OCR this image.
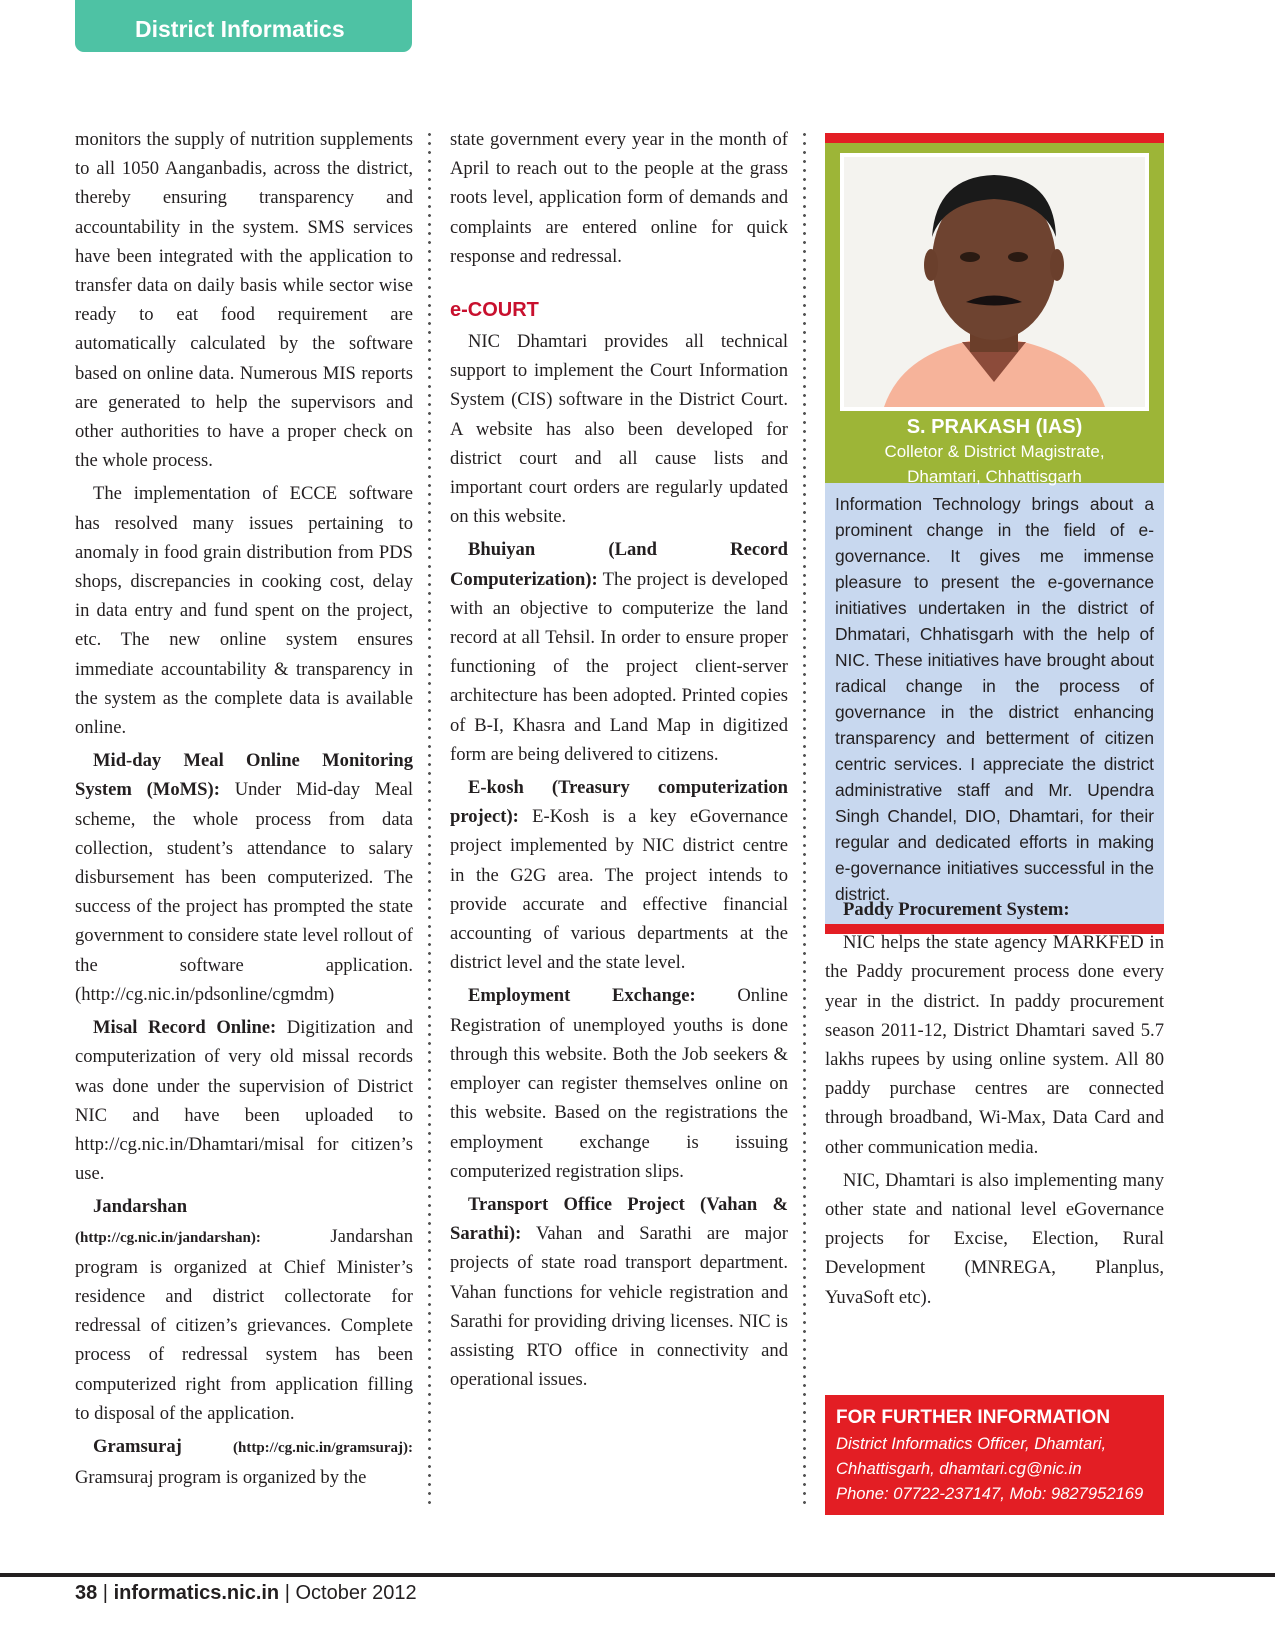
District Informatics

monitors the supply of nutrition supplements to all 1050 Aanganbadis, across the district, thereby ensuring transparency and accountability in the system. SMS services have been integrated with the application to transfer data on daily basis while sector wise ready to eat food requirement are automatically calculated by the software based on online data. Numerous MIS reports are generated to help the supervisors and other authorities to have a proper check on the whole process.

The implementation of ECCE software has resolved many issues pertaining to anomaly in food grain distribution from PDS shops, discrepancies in cooking cost, delay in data entry and fund spent on the project, etc. The new online system ensures immediate accountability & transparency in the system as the complete data is available online.

Mid-day Meal Online Monitoring System (MoMS): Under Mid-day Meal scheme, the whole process from data collection, student’s attendance to salary disbursement has been computerized. The success of the project has prompted the state government to considere state level rollout of the software application. (http://cg.nic.in/pdsonline/cgmdm)

Misal Record Online: Digitization and computerization of very old missal records was done under the supervision of District NIC and have been uploaded to http://cg.nic.in/Dhamtari/misal for citizen’s use.

Jandarshan
(http://cg.nic.in/jandarshan): Jandarshan program is organized at Chief Minister’s residence and district collectorate for redressal of citizen’s grievances. Complete process of redressal system has been computerized right from application filling to disposal of the application.

Gramsuraj (http://cg.nic.in/gramsuraj): Gramsuraj program is organized by the

state government every year in the month of April to reach out to the people at the grass roots level, application form of demands and complaints are entered online for quick response and redressal.

e-COURT

NIC Dhamtari provides all technical support to implement the Court Information System (CIS) software in the District Court. A website has also been developed for district court and all cause lists and important court orders are regularly updated on this website.

Bhuiyan (Land Record Computerization): The project is developed with an objective to computerize the land record at all Tehsil. In order to ensure proper functioning of the project client-server architecture has been adopted. Printed copies of B-I, Khasra and Land Map in digitized form are being delivered to citizens.

E-kosh (Treasury computerization project): E-Kosh is a key eGovernance project implemented by NIC district centre in the G2G area. The project intends to provide accurate and effective financial accounting of various departments at the district level and the state level.

Employment Exchange: Online Registration of unemployed youths is done through this website. Both the Job seekers & employer can register themselves online on this website. Based on the registrations the employment exchange is issuing computerized registration slips.

Transport Office Project (Vahan & Sarathi): Vahan and Sarathi are major projects of state road transport department. Vahan functions for vehicle registration and Sarathi for providing driving licenses. NIC is assisting RTO office in connectivity and operational issues.

S. PRAKASH (IAS)
Colletor & District Magistrate,
Dhamtari, Chhattisgarh
Information Technology brings about a prominent change in the field of e-governance. It gives me immense pleasure to present the e-governance initiatives undertaken in the district of Dhmatari, Chhatisgarh with the help of NIC. These initiatives have brought about radical change in the process of governance in the district enhancing transparency and betterment of citizen centric services. I appreciate the district administrative staff and Mr. Upendra Singh Chandel, DIO, Dhamtari, for their regular and dedicated efforts in making e-governance initiatives successful in the district.

Paddy Procurement System:

NIC helps the state agency MARKFED in the Paddy procurement process done every year in the district. In paddy procurement season 2011-12, District Dhamtari saved 5.7 lakhs rupees by using online system. All 80 paddy purchase centres are connected through broadband, Wi-Max, Data Card and other communication media.

NIC, Dhamtari is also implementing many other state and national level eGovernance projects for Excise, Election, Rural Development (MNREGA, Planplus, YuvaSoft etc).

FOR FURTHER INFORMATION
District Informatics Officer, Dhamtari,
Chhattisgarh, dhamtari.cg@nic.in
Phone: 07722-237147, Mob: 9827952169
38 | informatics.nic.in | October 2012
